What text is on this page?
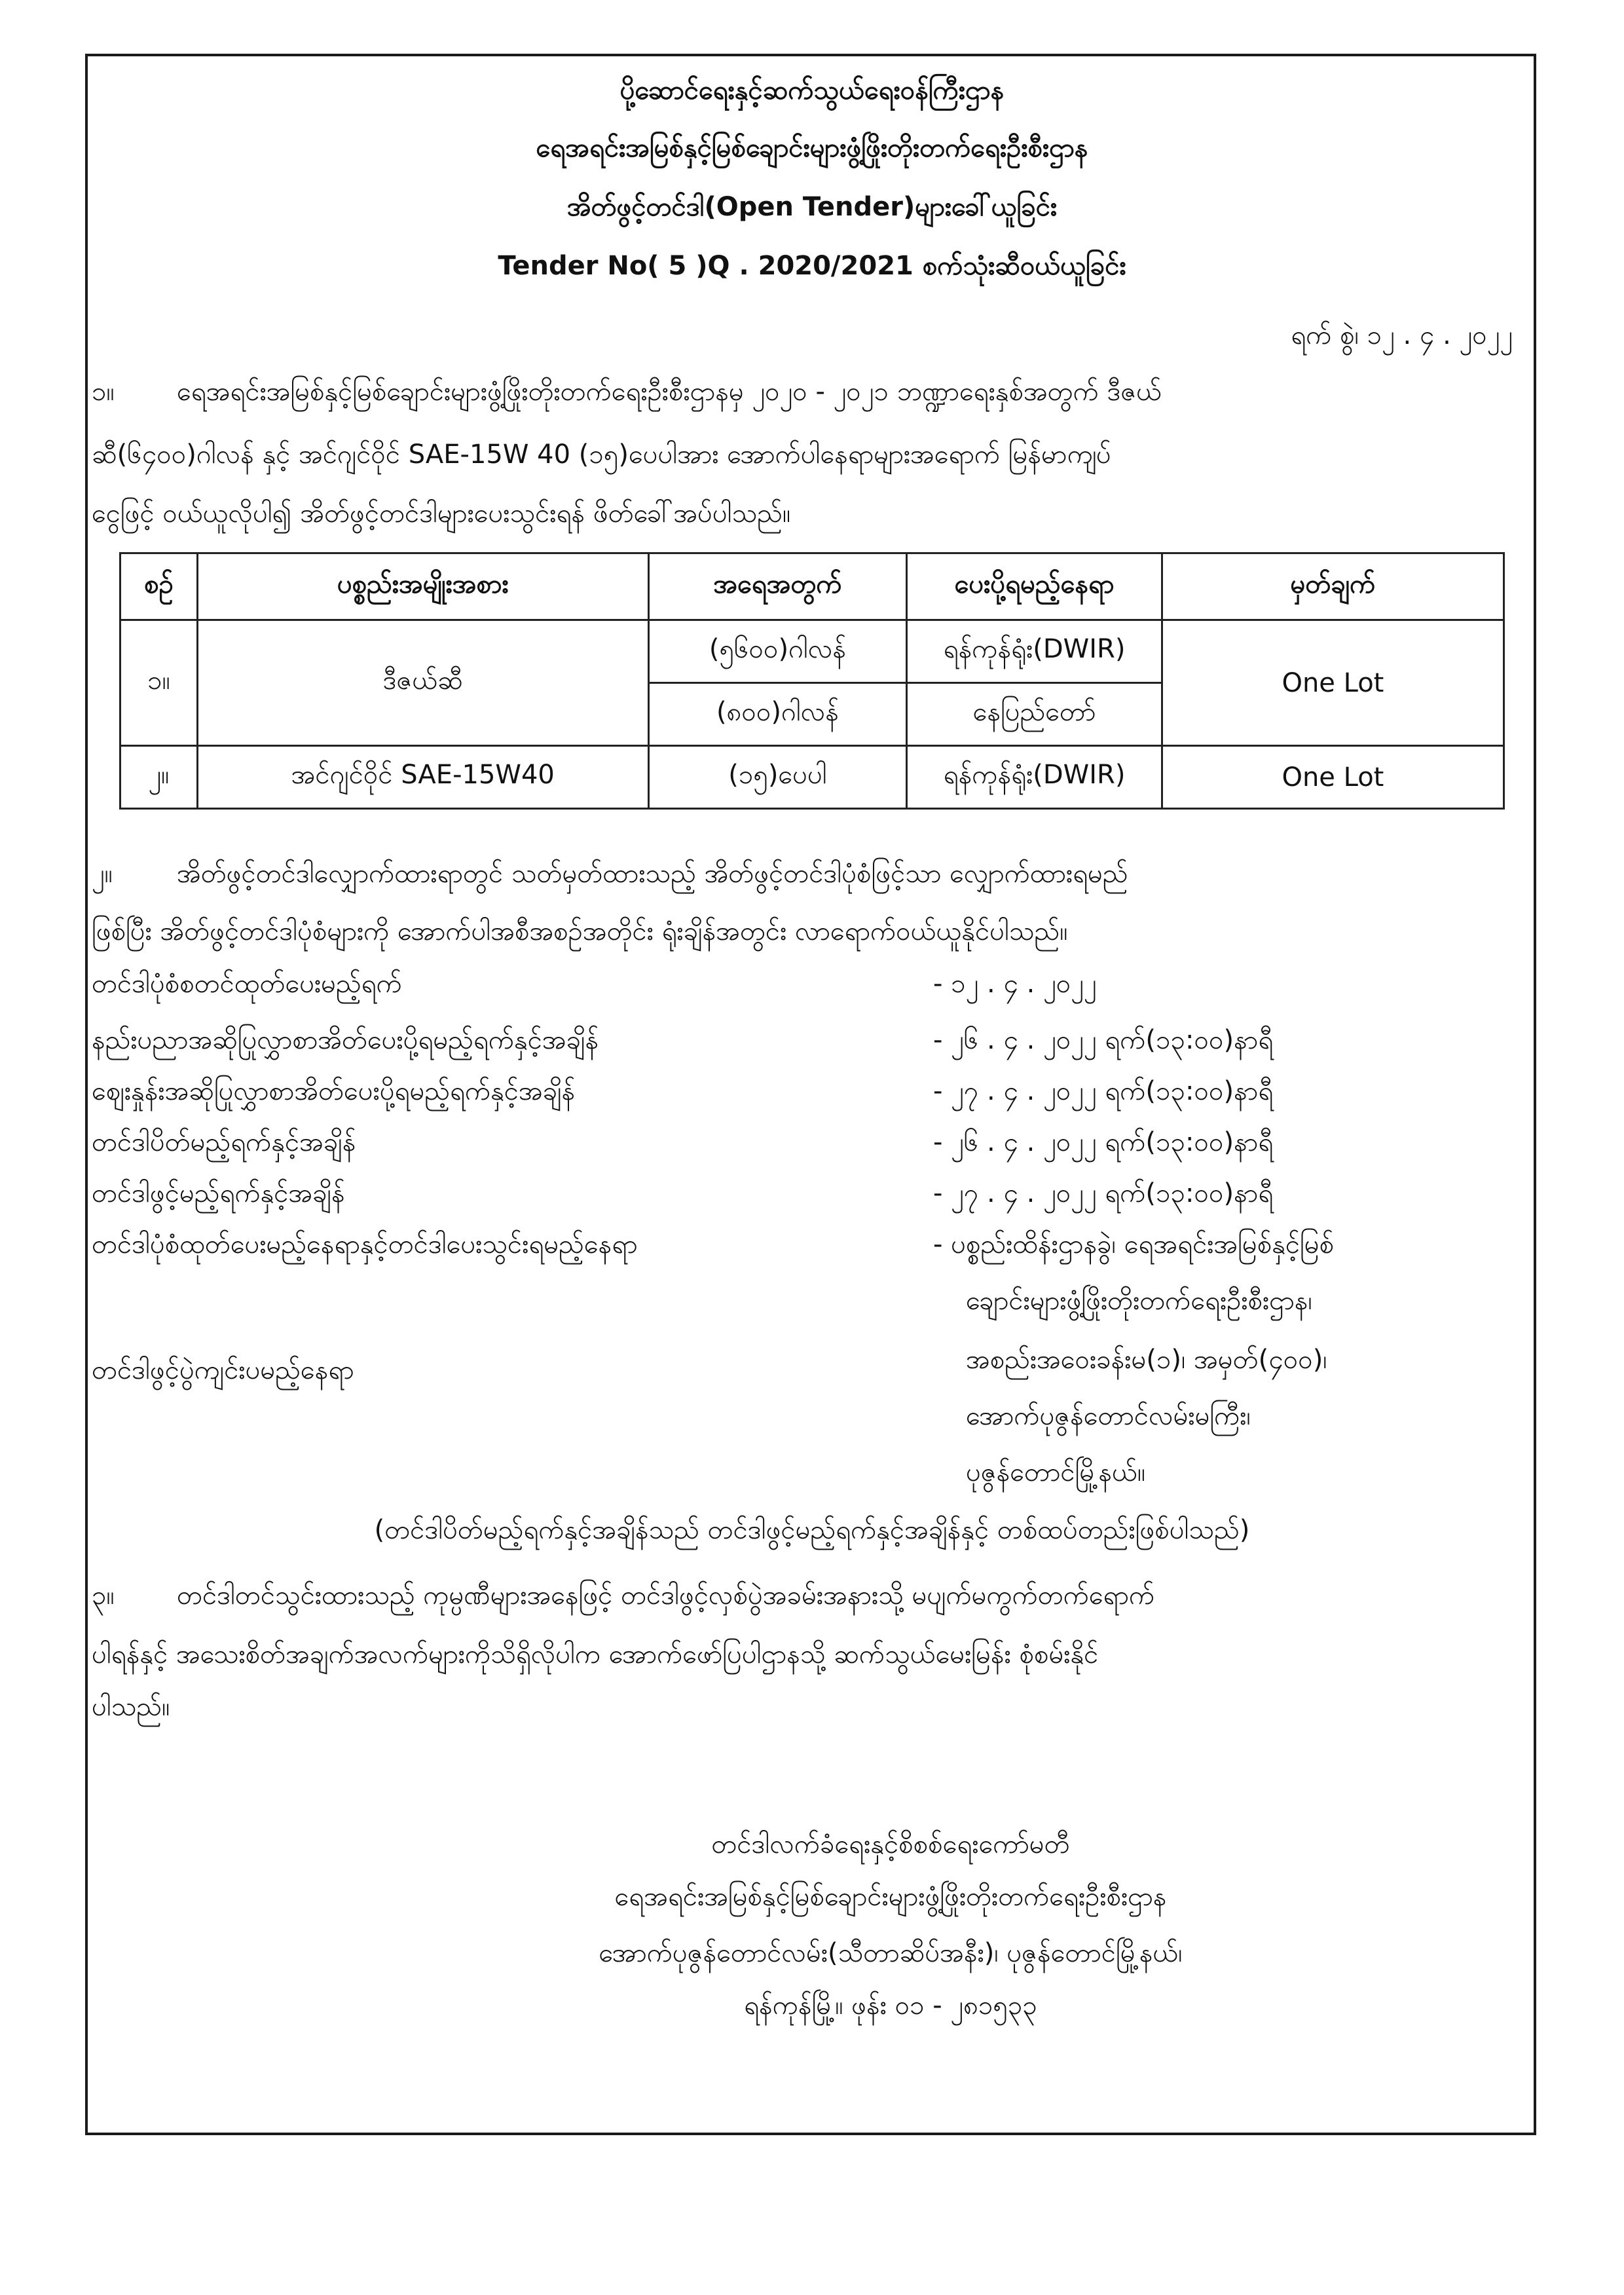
ပို့ဆောင်ရေးနှင့်ဆက်သွယ်ရေးဝန်ကြီးဌာန
ရေအရင်းအမြစ်နှင့်မြစ်ချောင်းများဖွံ့ဖြိုးတိုးတက်ရေးဦးစီးဌာန
အိတ်ဖွင့်တင်ဒါ(Open Tender)များခေါ်ယူခြင်း
Tender No( 5 )Q . 2020/2021 စက်သုံးဆီဝယ်ယူခြင်း
ရက် စွဲ၊ ၁၂ . ၄ . ၂၀၂၂
၁။ ရေအရင်းအမြစ်နှင့်မြစ်ချောင်းများဖွံ့ဖြိုးတိုးတက်ရေးဦးစီးဌာနမှ ၂၀၂၀ - ၂၀၂၁ ဘဏ္ဍာရေးနှစ်အတွက် ဒီဇယ်
ဆီ(၆၄၀၀)ဂါလန် နှင့် အင်ဂျင်ဝိုင် SAE-15W 40 (၁၅)ပေပါအား အောက်ပါနေရာများအရောက် မြန်မာကျပ်
ငွေဖြင့် ဝယ်ယူလိုပါ၍ အိတ်ဖွင့်တင်ဒါများပေးသွင်းရန် ဖိတ်ခေါ်အပ်ပါသည်။
စဉ်	ပစ္စည်းအမျိုးအစား	အရေအတွက်	ပေးပို့ရမည့်နေရာ	မှတ်ချက်
၁။	ဒီဇယ်ဆီ	(၅၆၀၀)ဂါလန်	ရန်ကုန်ရုံး(DWIR)	One Lot
		(၈၀၀)ဂါလန်	နေပြည်တော်	
၂။	အင်ဂျင်ဝိုင် SAE-15W40	(၁၅)ပေပါ	ရန်ကုန်ရုံး(DWIR)	One Lot
၂။ အိတ်ဖွင့်တင်ဒါလျှောက်ထားရာတွင် သတ်မှတ်ထားသည့် အိတ်ဖွင့်တင်ဒါပုံစံဖြင့်သာ လျှောက်ထားရမည်
ဖြစ်ပြီး အိတ်ဖွင့်တင်ဒါပုံစံများကို အောက်ပါအစီအစဉ်အတိုင်း ရုံးချိန်အတွင်း လာရောက်ဝယ်ယူနိုင်ပါသည်။
တင်ဒါပုံစံစတင်ထုတ်ပေးမည့်ရက်	- ၁၂ . ၄ . ၂၀၂၂
နည်းပညာအဆိုပြုလွှာစာအိတ်ပေးပို့ရမည့်ရက်နှင့်အချိန်	- ၂၆ . ၄ . ၂၀၂၂ ရက်(၁၃:၀၀)နာရီ
ဈေးနှုန်းအဆိုပြုလွှာစာအိတ်ပေးပို့ရမည့်ရက်နှင့်အချိန်	- ၂၇ . ၄ . ၂၀၂၂ ရက်(၁၃:၀၀)နာရီ
တင်ဒါပိတ်မည့်ရက်နှင့်အချိန်	- ၂၆ . ၄ . ၂၀၂၂ ရက်(၁၃:၀၀)နာရီ
တင်ဒါဖွင့်မည့်ရက်နှင့်အချိန်	- ၂၇ . ၄ . ၂၀၂၂ ရက်(၁၃:၀၀)နာရီ
တင်ဒါပုံစံထုတ်ပေးမည့်နေရာနှင့်တင်ဒါပေးသွင်းရမည့်နေရာ
တင်ဒါဖွင့်ပွဲကျင်းပမည့်နေရာ
- ပစ္စည်းထိန်းဌာနခွဲ၊ ရေအရင်းအမြစ်နှင့်မြစ်
ချောင်းများဖွံ့ဖြိုးတိုးတက်ရေးဦးစီးဌာန၊
အစည်းအဝေးခန်းမ(၁)၊ အမှတ်(၄၀၀)၊
အောက်ပုဇွန်တောင်လမ်းမကြီး၊
ပုဇွန်တောင်မြို့နယ်။
(တင်ဒါပိတ်မည့်ရက်နှင့်အချိန်သည် တင်ဒါဖွင့်မည့်ရက်နှင့်အချိန်နှင့် တစ်ထပ်တည်းဖြစ်ပါသည်)
၃။ တင်ဒါတင်သွင်းထားသည့် ကုမ္ပဏီများအနေဖြင့် တင်ဒါဖွင့်လှစ်ပွဲအခမ်းအနားသို့ မပျက်မကွက်တက်ရောက်
ပါရန်နှင့် အသေးစိတ်အချက်အလက်များကိုသိရှိလိုပါက အောက်ဖော်ပြပါဌာနသို့ ဆက်သွယ်မေးမြန်း စုံစမ်းနိုင်
ပါသည်။
တင်ဒါလက်ခံရေးနှင့်စိစစ်ရေးကော်မတီ
ရေအရင်းအမြစ်နှင့်မြစ်ချောင်းများဖွံ့ဖြိုးတိုးတက်ရေးဦးစီးဌာန
အောက်ပုဇွန်တောင်လမ်း(သီတာဆိပ်အနီး)၊ ပုဇွန်တောင်မြို့နယ်၊
ရန်ကုန်မြို့။ ဖုန်း ၀၁ - ၂၈၁၅၃၃
